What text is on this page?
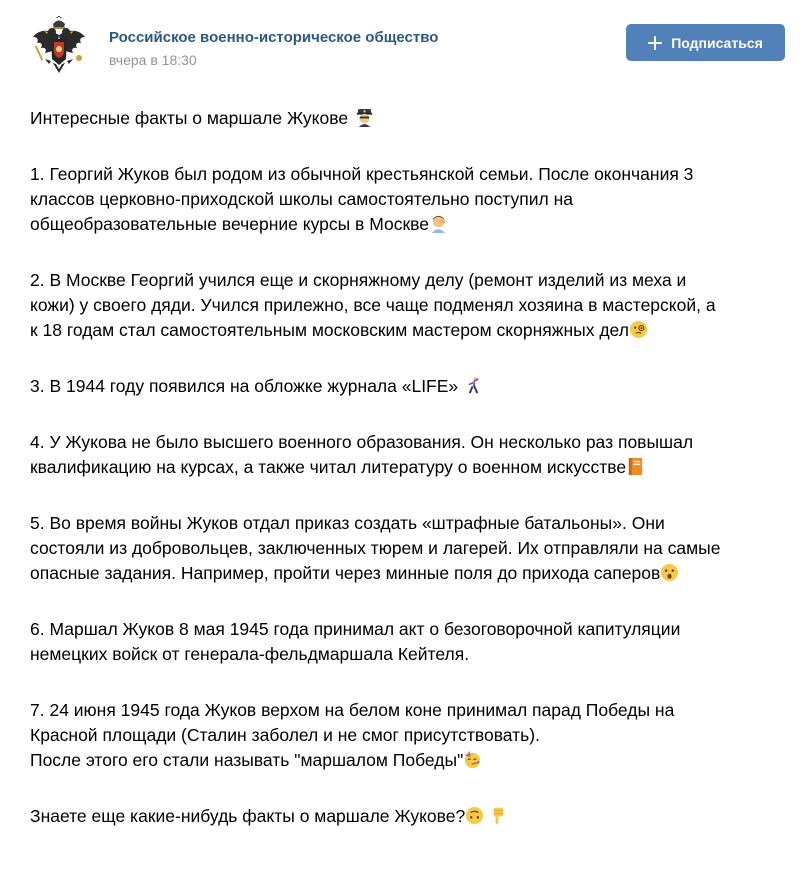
Российское военно-историческое общество
вчера в 18:30
Подписаться
Интересные факты о маршале Жукове
1. Георгий Жуков был родом из обычной крестьянской семьи. После окончания 3
классов церковно-приходской школы самостоятельно поступил на
общеобразовательные вечерние курсы в Москве
2. В Москве Георгий учился еще и скорняжному делу (ремонт изделий из меха и
кожи) у своего дяди. Учился прилежно, все чаще подменял хозяина в мастерской, а
к 18 годам стал самостоятельным московским мастером скорняжных дел
3. В 1944 году появился на обложке журнала «LIFE»
4. У Жукова не было высшего военного образования. Он несколько раз повышал
квалификацию на курсах, а также читал литературу о военном искусстве
5. Во время войны Жуков отдал приказ создать «штрафные батальоны». Они
состояли из добровольцев, заключенных тюрем и лагерей. Их отправляли на самые
опасные задания. Например, пройти через минные поля до прихода саперов
6. Маршал Жуков 8 мая 1945 года принимал акт о безоговорочной капитуляции
немецких войск от генерала-фельдмаршала Кейтеля.
7. 24 июня 1945 года Жуков верхом на белом коне принимал парад Победы на
Красной площади (Сталин заболел и не смог присутствовать).
После этого его стали называть "маршалом Победы"
Знаете еще какие-нибудь факты о маршале Жукове?
